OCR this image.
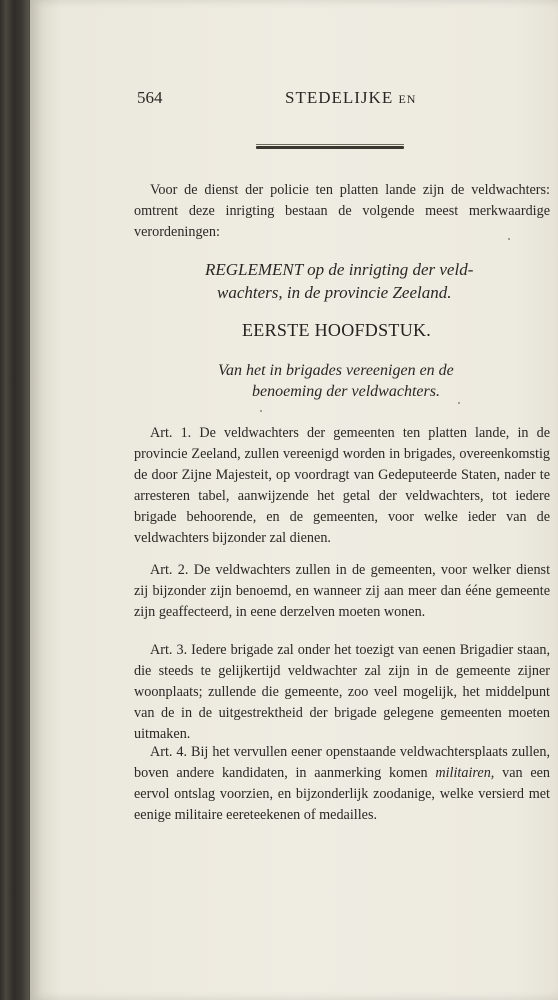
564	STEDELIJKE EN

Voor de dienst der policie ten platten lande zijn de veldwachters: omtrent deze inrigting bestaan de volgende meest merkwaardige verordeningen:

REGLEMENT op de inrigting der veld-
wachters, in de provincie Zeeland.
EERSTE HOOFDSTUK.
Van het in brigades vereenigen en de
benoeming der veldwachters.

Art. 1. De veldwachters der gemeenten ten platten lande, in de provincie Zeeland, zullen vereenigd worden in brigades, overeenkomstig de door Zijne Majesteit, op voordragt van Gedeputeerde Staten, nader te arresteren tabel, aanwijzende het getal der veldwachters, tot iedere brigade behoorende, en de gemeenten, voor welke ieder van de veldwachters bijzonder zal dienen.

Art. 2. De veldwachters zullen in de gemeenten, voor welker dienst zij bijzonder zijn benoemd, en wanneer zij aan meer dan ééne gemeente zijn geaffecteerd, in eene derzelven moeten wonen.

Art. 3. Iedere brigade zal onder het toezigt van eenen Brigadier staan, die steeds te gelijkertijd veldwachter zal zijn in de gemeente zijner woonplaats; zullende die gemeente, zoo veel mogelijk, het middelpunt van de in de uitgestrektheid der brigade gelegene gemeenten moeten uitmaken.

Art. 4. Bij het vervullen eener openstaande veldwachtersplaats zullen, boven andere kandidaten, in aanmerking komen militairen, van een eervol ontslag voorzien, en bijzonderlijk zoodanige, welke versierd met eenige militaire eereteekenen of medailles.
